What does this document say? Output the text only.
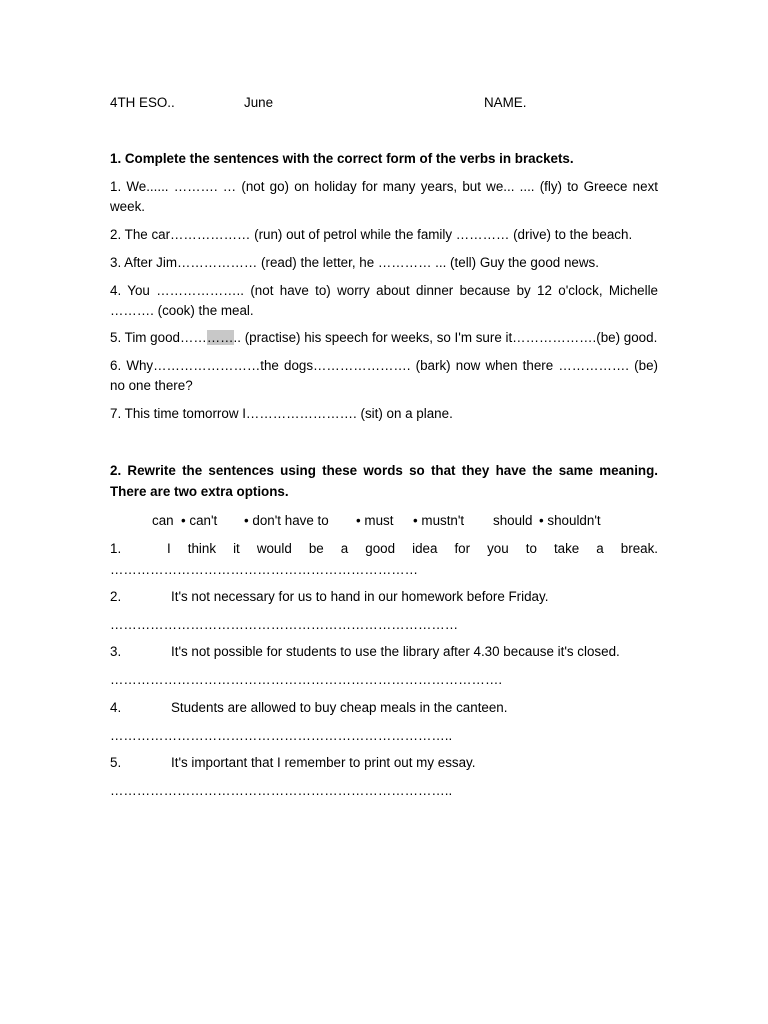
4TH ESO..	June	NAME.
1. Complete the sentences with the correct form of the verbs in brackets.
1. We...... ………. … (not go) on holiday for many years, but we... .... (fly) to Greece next week.
2. The car……………… (run) out of petrol while the family ………… (drive) to the beach.
3. After Jim……………… (read) the letter, he ………… ... (tell) Guy the good news.
4. You ……………….. (not have to) worry about dinner because by 12 o'clock, Michelle ………. (cook) the meal.
5. Tim good………….. (practise) his speech for weeks, so I'm sure it……………….(be) good.
6. Why……………………the dogs…………………. (bark) now when there ……………. (be) no one there?
7. This time tomorrow I……………………. (sit) on a plane.
2. Rewrite the sentences using these words so that they have the same meaning. There are two extra options.
can • can't • don't have to • must • mustn't should • shouldn't
1.	I think it would be a good idea for you to take a break.
……………………………………………………………
2.	It's not necessary for us to hand in our homework before Friday.
……………………………………………………………………
3.	It's not possible for students to use the library after 4.30 because it's closed.
…………………………………………………………………………….
4.	Students are allowed to buy cheap meals in the canteen.
…………………………………………………………………..
5.	It's important that I remember to print out my essay.
…………………………………………………………………..
